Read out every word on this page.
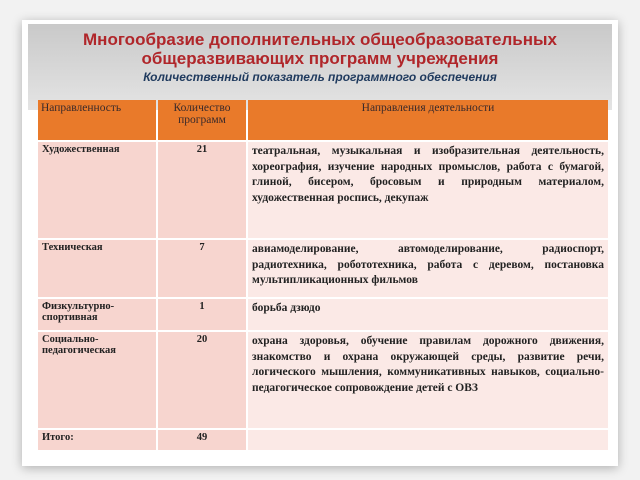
Многообразие дополнительных общеобразовательных общеразвивающих программ учреждения
Количественный показатель программного обеспечения
Направленность	Количество программ	Направления деятельности
Художественная	21	театральная, музыкальная и изобразительная деятельность, хореография, изучение народных промыслов, работа с бумагой, глиной, бисером, бросовым и природным материалом, художественная роспись, декупаж
Техническая	7	авиамоделирование, автомоделирование, радиоспорт, радиотехника, робототехника, работа с деревом, постановка мультипликационных фильмов
Физкультурно-спортивная	1	борьба дзюдо
Социально-педагогическая	20	охрана здоровья, обучение правилам дорожного движения, знакомство и охрана окружающей среды, развитие речи, логического мышления, коммуникативных навыков, социально-педагогическое сопровождение детей с ОВЗ
Итого:	49	
